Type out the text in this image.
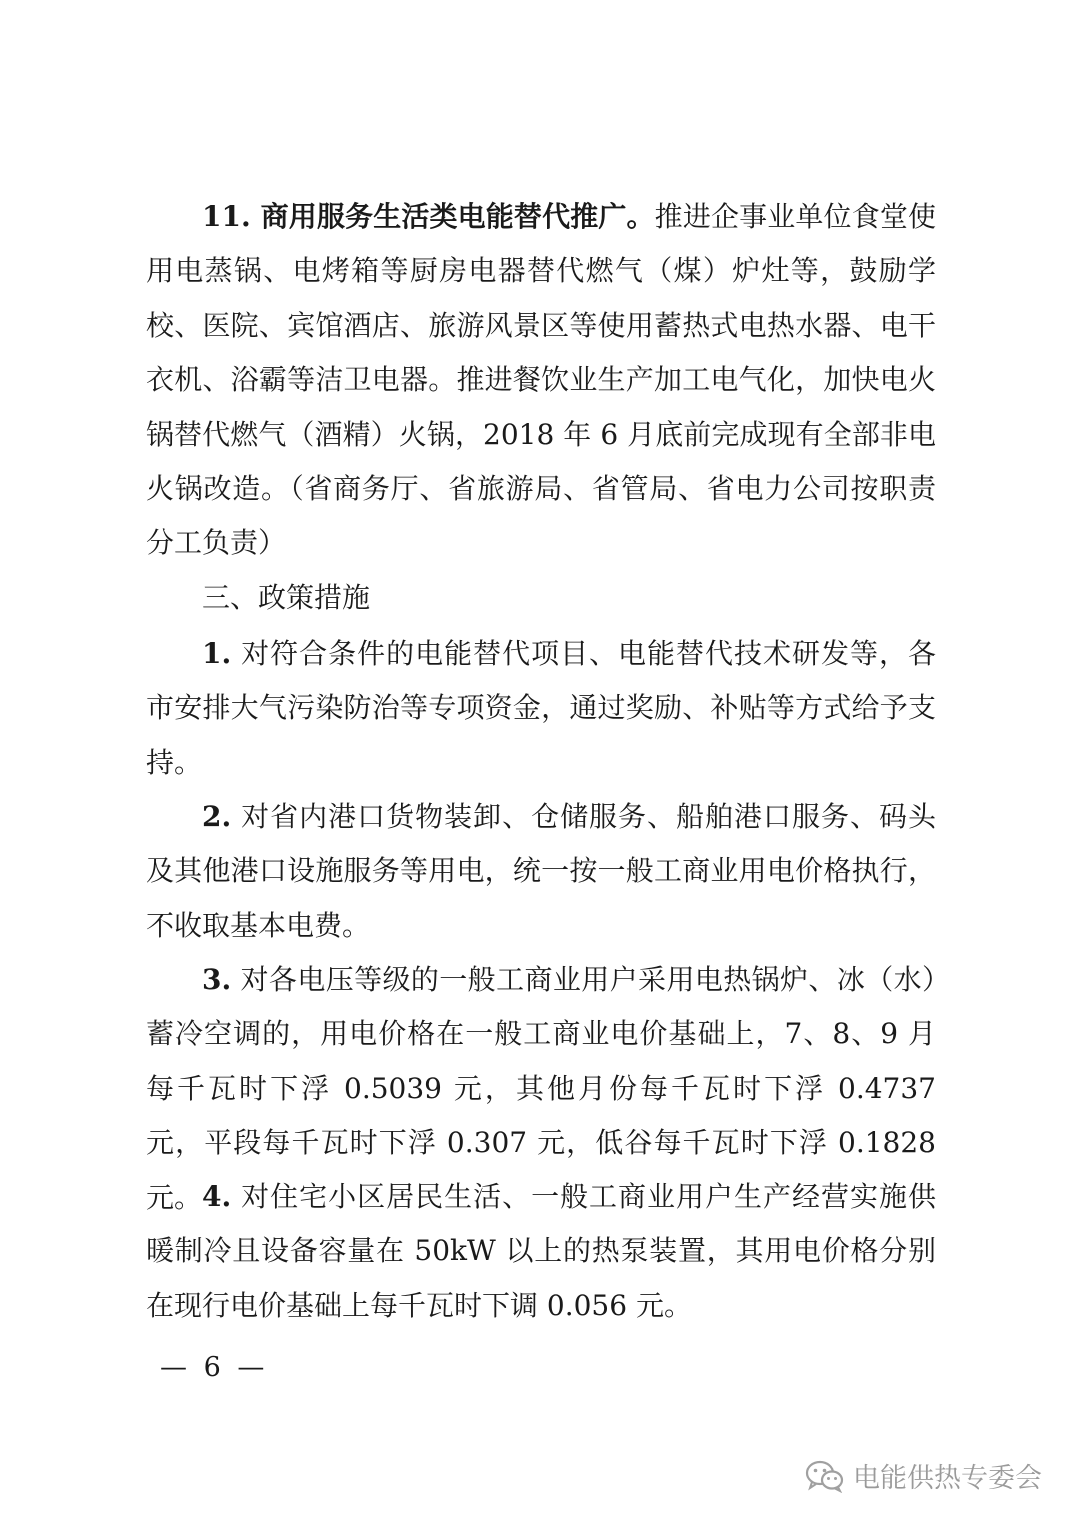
11. 商用服务生活类电能替代推广。推进企事业单位食堂使用电蒸锅、电烤箱等厨房电器替代燃气（煤）炉灶等，鼓励学校、医院、宾馆酒店、旅游风景区等使用蓄热式电热水器、电干衣机、浴霸等洁卫电器。推进餐饮业生产加工电气化，加快电火锅替代燃气（酒精）火锅，2018 年 6 月底前完成现有全部非电火锅改造。（省商务厅、省旅游局、省管局、省电力公司按职责分工负责）

三、政策措施

1. 对符合条件的电能替代项目、电能替代技术研发等，各市安排大气污染防治等专项资金，通过奖励、补贴等方式给予支持。

2. 对省内港口货物装卸、仓储服务、船舶港口服务、码头及其他港口设施服务等用电，统一按一般工商业用电价格执行，不收取基本电费。

3. 对各电压等级的一般工商业用户采用电热锅炉、冰（水）蓄冷空调的，用电价格在一般工商业电价基础上，7、8、9 月每千瓦时下浮 0.5039 元，其他月份每千瓦时下浮 0.4737 元，平段每千瓦时下浮 0.307 元，低谷每千瓦时下浮 0.1828 元。 4. 对住宅小区居民生活、一般工商业用户生产经营实施供暖制冷且设备容量在 50kW 以上的热泵装置，其用电价格分别在现行电价基础上每千瓦时下调 0.056 元。

— 6 —
电能供热专委会
